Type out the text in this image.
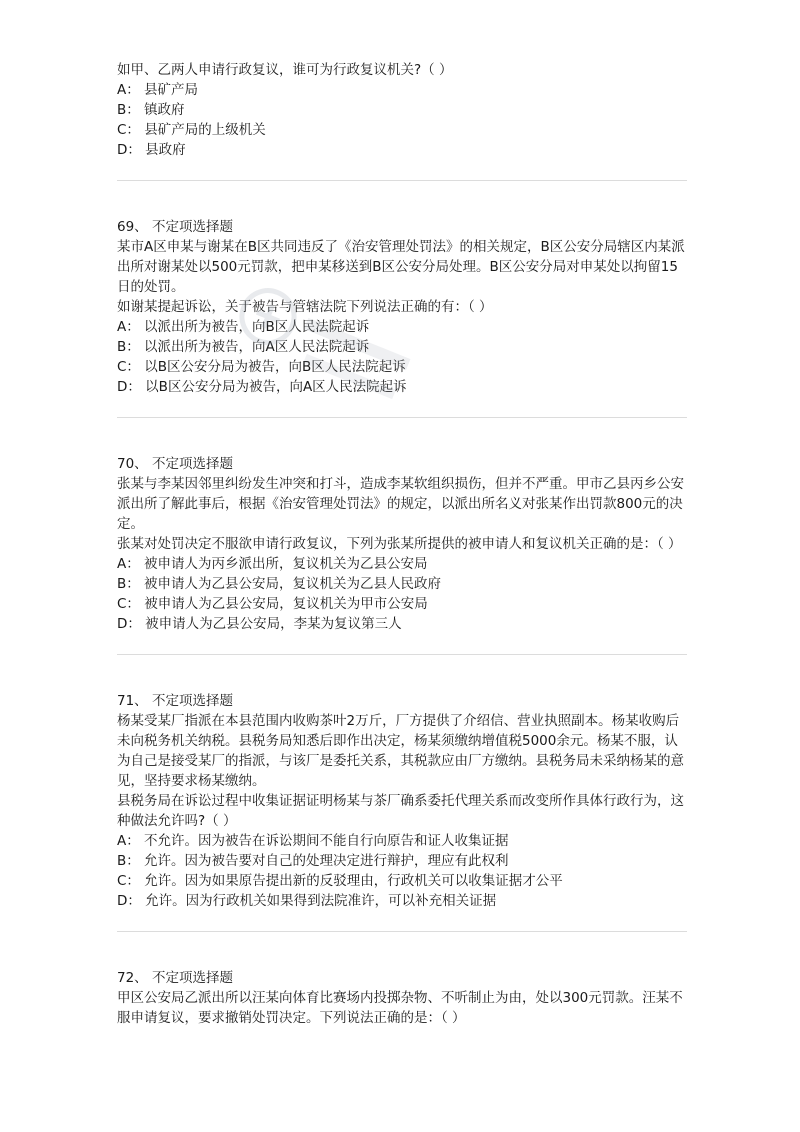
如甲、乙两人申请行政复议，谁可为行政复议机关?（ ）

A： 县矿产局

B： 镇政府

C： 县矿产局的上级机关

D： 县政府

69、 不定项选择题

某市A区申某与谢某在B区共同违反了《治安管理处罚法》的相关规定，B区公安分局辖区内某派出所对谢某处以500元罚款，把申某移送到B区公安分局处理。B区公安分局对申某处以拘留15日的处罚。

如谢某提起诉讼，关于被告与管辖法院下列说法正确的有：（ ）

A： 以派出所为被告，向B区人民法院起诉

B： 以派出所为被告，向A区人民法院起诉

C： 以B区公安分局为被告，向B区人民法院起诉

D： 以B区公安分局为被告，向A区人民法院起诉

70、 不定项选择题

张某与李某因邻里纠纷发生冲突和打斗，造成李某软组织损伤，但并不严重。甲市乙县丙乡公安派出所了解此事后，根据《治安管理处罚法》的规定，以派出所名义对张某作出罚款800元的决定。

张某对处罚决定不服欲申请行政复议，下列为张某所提供的被申请人和复议机关正确的是：（ ）

A： 被申请人为丙乡派出所，复议机关为乙县公安局

B： 被申请人为乙县公安局，复议机关为乙县人民政府

C： 被申请人为乙县公安局，复议机关为甲市公安局

D： 被申请人为乙县公安局，李某为复议第三人

71、 不定项选择题

杨某受某厂指派在本县范围内收购茶叶2万斤，厂方提供了介绍信、营业执照副本。杨某收购后未向税务机关纳税。县税务局知悉后即作出决定，杨某须缴纳增值税5000余元。杨某不服，认为自己是接受某厂的指派，与该厂是委托关系，其税款应由厂方缴纳。县税务局未采纳杨某的意见，坚持要求杨某缴纳。

县税务局在诉讼过程中收集证据证明杨某与茶厂确系委托代理关系而改变所作具体行政行为，这种做法允许吗?（ ）

A： 不允许。因为被告在诉讼期间不能自行向原告和证人收集证据

B： 允许。因为被告要对自己的处理决定进行辩护，理应有此权利

C： 允许。因为如果原告提出新的反驳理由，行政机关可以收集证据才公平

D： 允许。因为行政机关如果得到法院准许，可以补充相关证据

72、 不定项选择题

甲区公安局乙派出所以汪某向体育比赛场内投掷杂物、不听制止为由，处以300元罚款。汪某不服申请复议，要求撤销处罚决定。下列说法正确的是：（ ）
